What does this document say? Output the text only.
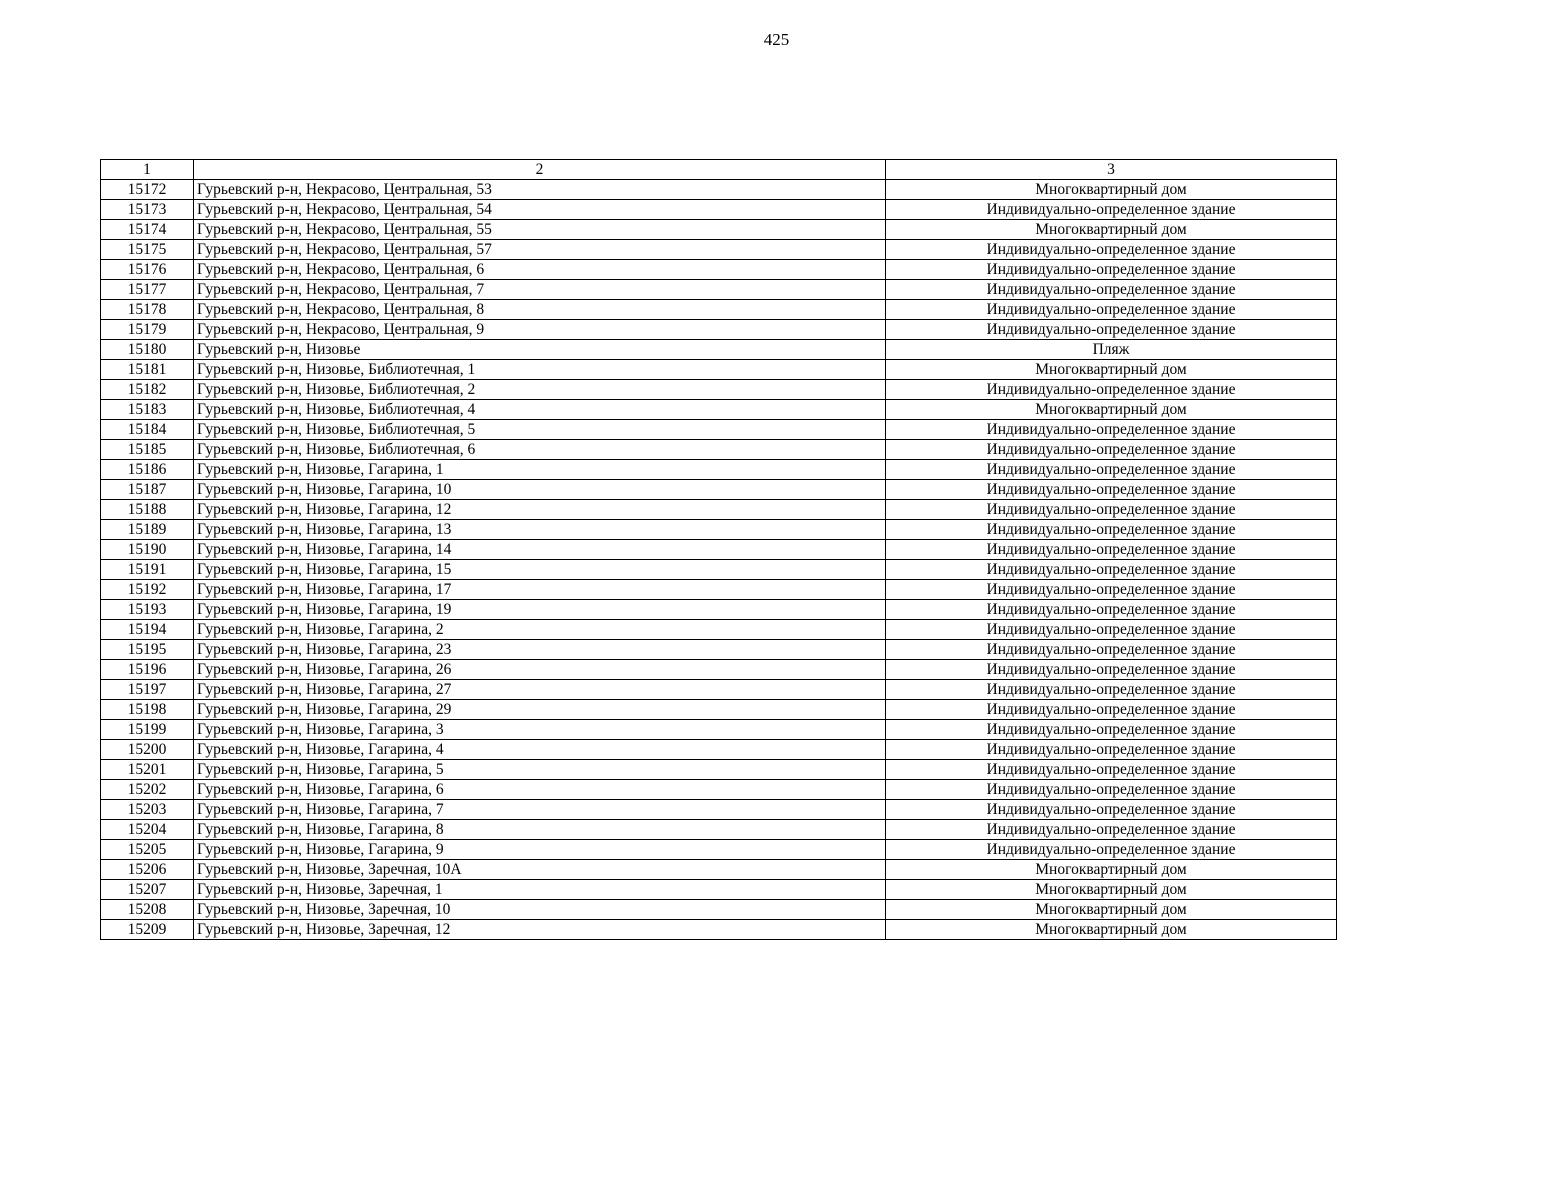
425
1	2	3
15172	Гурьевский р-н, Некрасово, Центральная, 53	Многоквартирный дом
15173	Гурьевский р-н, Некрасово, Центральная, 54	Индивидуально-определенное здание
15174	Гурьевский р-н, Некрасово, Центральная, 55	Многоквартирный дом
15175	Гурьевский р-н, Некрасово, Центральная, 57	Индивидуально-определенное здание
15176	Гурьевский р-н, Некрасово, Центральная, 6	Индивидуально-определенное здание
15177	Гурьевский р-н, Некрасово, Центральная, 7	Индивидуально-определенное здание
15178	Гурьевский р-н, Некрасово, Центральная, 8	Индивидуально-определенное здание
15179	Гурьевский р-н, Некрасово, Центральная, 9	Индивидуально-определенное здание
15180	Гурьевский р-н, Низовье	Пляж
15181	Гурьевский р-н, Низовье, Библиотечная, 1	Многоквартирный дом
15182	Гурьевский р-н, Низовье, Библиотечная, 2	Индивидуально-определенное здание
15183	Гурьевский р-н, Низовье, Библиотечная, 4	Многоквартирный дом
15184	Гурьевский р-н, Низовье, Библиотечная, 5	Индивидуально-определенное здание
15185	Гурьевский р-н, Низовье, Библиотечная, 6	Индивидуально-определенное здание
15186	Гурьевский р-н, Низовье, Гагарина, 1	Индивидуально-определенное здание
15187	Гурьевский р-н, Низовье, Гагарина, 10	Индивидуально-определенное здание
15188	Гурьевский р-н, Низовье, Гагарина, 12	Индивидуально-определенное здание
15189	Гурьевский р-н, Низовье, Гагарина, 13	Индивидуально-определенное здание
15190	Гурьевский р-н, Низовье, Гагарина, 14	Индивидуально-определенное здание
15191	Гурьевский р-н, Низовье, Гагарина, 15	Индивидуально-определенное здание
15192	Гурьевский р-н, Низовье, Гагарина, 17	Индивидуально-определенное здание
15193	Гурьевский р-н, Низовье, Гагарина, 19	Индивидуально-определенное здание
15194	Гурьевский р-н, Низовье, Гагарина, 2	Индивидуально-определенное здание
15195	Гурьевский р-н, Низовье, Гагарина, 23	Индивидуально-определенное здание
15196	Гурьевский р-н, Низовье, Гагарина, 26	Индивидуально-определенное здание
15197	Гурьевский р-н, Низовье, Гагарина, 27	Индивидуально-определенное здание
15198	Гурьевский р-н, Низовье, Гагарина, 29	Индивидуально-определенное здание
15199	Гурьевский р-н, Низовье, Гагарина, 3	Индивидуально-определенное здание
15200	Гурьевский р-н, Низовье, Гагарина, 4	Индивидуально-определенное здание
15201	Гурьевский р-н, Низовье, Гагарина, 5	Индивидуально-определенное здание
15202	Гурьевский р-н, Низовье, Гагарина, 6	Индивидуально-определенное здание
15203	Гурьевский р-н, Низовье, Гагарина, 7	Индивидуально-определенное здание
15204	Гурьевский р-н, Низовье, Гагарина, 8	Индивидуально-определенное здание
15205	Гурьевский р-н, Низовье, Гагарина, 9	Индивидуально-определенное здание
15206	Гурьевский р-н, Низовье, Заречная, 10А	Многоквартирный дом
15207	Гурьевский р-н, Низовье, Заречная, 1	Многоквартирный дом
15208	Гурьевский р-н, Низовье, Заречная, 10	Многоквартирный дом
15209	Гурьевский р-н, Низовье, Заречная, 12	Многоквартирный дом
